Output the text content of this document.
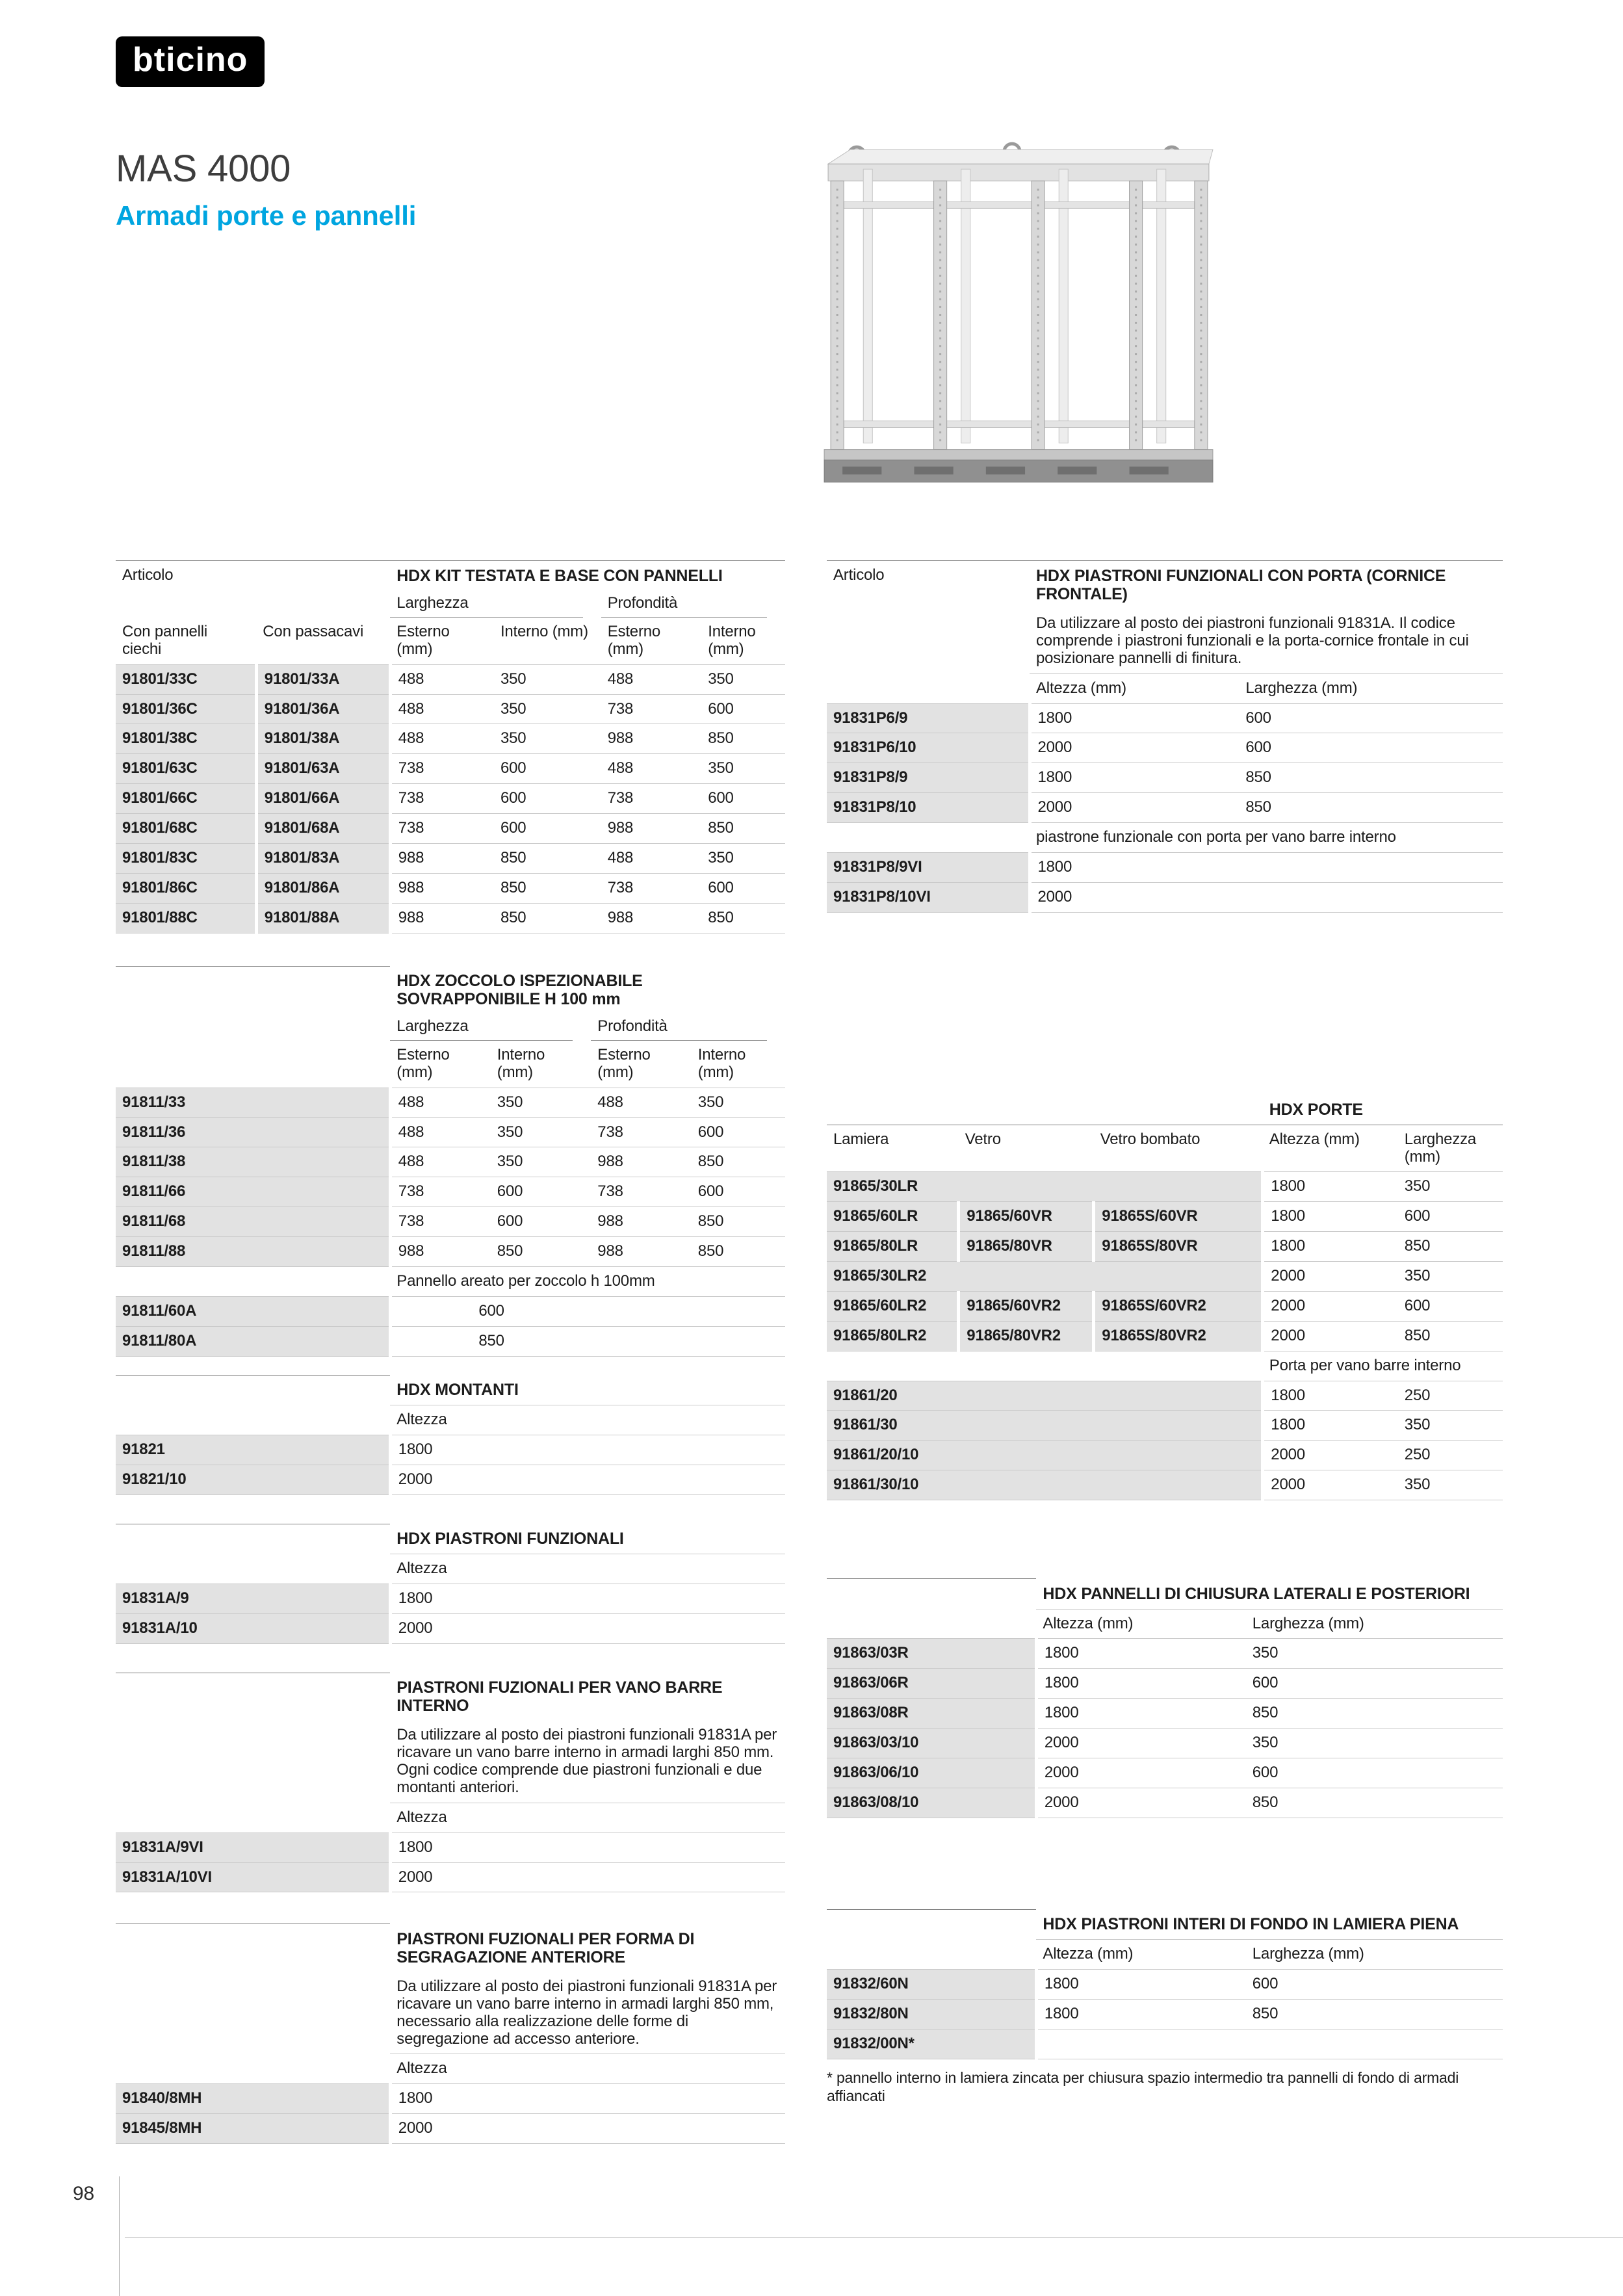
bticino
MAS 4000
Armadi porte e pannelli
Articolo		HDX KIT TESTATA E BASE CON PANNELLI			

		Larghezza		Profondità	

Con pannelli ciechi	Con passacavi	Esterno (mm)	Interno (mm)	Esterno (mm)	Interno (mm)
91801/33C	91801/33A	488	350	488	350
91801/36C	91801/36A	488	350	738	600
91801/38C	91801/38A	488	350	988	850
91801/63C	91801/63A	738	600	488	350
91801/66C	91801/66A	738	600	738	600
91801/68C	91801/68A	738	600	988	850
91801/83C	91801/83A	988	850	488	350
91801/86C	91801/86A	988	850	738	600
91801/88C	91801/88A	988	850	988	850
	HDX ZOCCOLO ISPEZIONABILE SOVRAPPONIBILE H 100 mm			

	Larghezza		Profondità	

	Esterno (mm)	Interno (mm)	Esterno (mm)	Interno (mm)
91811/33	488	350	488	350
91811/36	488	350	738	600
91811/38	488	350	988	850
91811/66	738	600	738	600
91811/68	738	600	988	850
91811/88	988	850	988	850
	Pannello areato per zoccolo h 100mm			
91811/60A	600			
91811/80A	850			
	HDX MONTANTI
	Altezza
91821	1800
91821/10	2000
	HDX PIASTRONI FUNZIONALI
	Altezza
91831A/9	1800
91831A/10	2000
	PIASTRONI FUZIONALI PER VANO BARRE INTERNO
	Da utilizzare al posto dei piastroni funzionali 91831A per ricavare un vano barre interno in armadi larghi 850 mm. Ogni codice comprende due piastroni funzionali e due montanti anteriori.
	Altezza
91831A/9VI	1800
91831A/10VI	2000
	PIASTRONI FUZIONALI PER FORMA DI SEGRAGAZIONE ANTERIORE
	Da utilizzare al posto dei piastroni funzionali 91831A per ricavare un vano barre interno in armadi larghi 850 mm, necessario alla realizzazione delle forme di segregazione ad accesso anteriore.
	Altezza
91840/8MH	1800
91845/8MH	2000
Articolo	HDX PIASTRONI FUNZIONALI CON PORTA (CORNICE FRONTALE)	
	Da utilizzare al posto dei piastroni funzionali 91831A. Il codice comprende i piastroni funzionali e la porta-cornice frontale in cui posizionare pannelli di finitura.	
	Altezza (mm)	Larghezza (mm)
91831P6/9	1800	600
91831P6/10	2000	600
91831P8/9	1800	850
91831P8/10	2000	850
	piastrone funzionale con porta per vano barre interno	
91831P8/9VI	1800	
91831P8/10VI	2000	
			HDX PORTE	
Lamiera	Vetro	Vetro bombato	Altezza (mm)	Larghezza (mm)
91865/30LR			1800	350
91865/60LR	91865/60VR	91865S/60VR	1800	600
91865/80LR	91865/80VR	91865S/80VR	1800	850
91865/30LR2			2000	350
91865/60LR2	91865/60VR2	91865S/60VR2	2000	600
91865/80LR2	91865/80VR2	91865S/80VR2	2000	850
			Porta per vano barre interno	
91861/20			1800	250
91861/30			1800	350
91861/20/10			2000	250
91861/30/10			2000	350
	HDX PANNELLI DI CHIUSURA LATERALI E POSTERIORI	
	Altezza (mm)	Larghezza (mm)
91863/03R	1800	350
91863/06R	1800	600
91863/08R	1800	850
91863/03/10	2000	350
91863/06/10	2000	600
91863/08/10	2000	850
	HDX PIASTRONI INTERI DI FONDO IN LAMIERA PIENA	
	Altezza (mm)	Larghezza (mm)
91832/60N	1800	600
91832/80N	1800	850
91832/00N*		
* pannello interno in lamiera zincata per chiusura spazio intermedio tra pannelli di fondo di armadi affiancati
98
